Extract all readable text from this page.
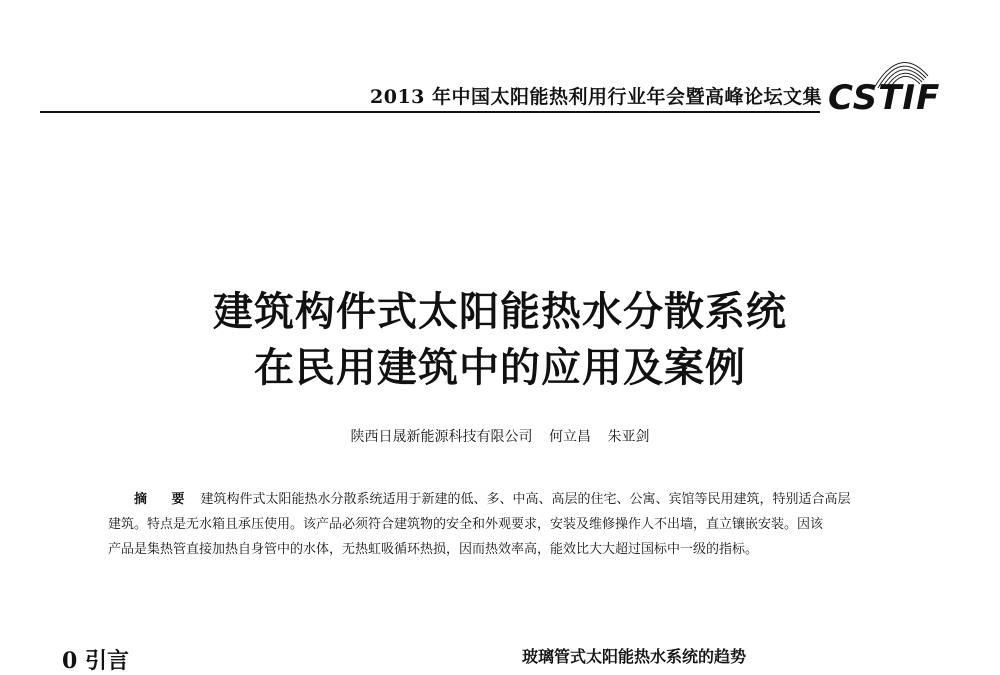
2013 年中国太阳能热利用行业年会暨高峰论坛文集 CSTIF
建筑构件式太阳能热水分散系统
在民用建筑中的应用及案例
陕西日晟新能源科技有限公司 何立昌 朱亚剑
摘 要 建筑构件式太阳能热水分散系统适用于新建的低、多、中高、高层的住宅、公寓、宾馆等民用建筑，特别适合高层
建筑。特点是无水箱且承压使用。该产品必须符合建筑物的安全和外观要求，安装及维修操作人不出墙，直立镶嵌安装。因该
产品是集热管直接加热自身管中的水体，无热虹吸循环热损，因而热效率高，能效比大大超过国标中一级的指标。
0 引言	玻璃管式太阳能热水系统的趋势
